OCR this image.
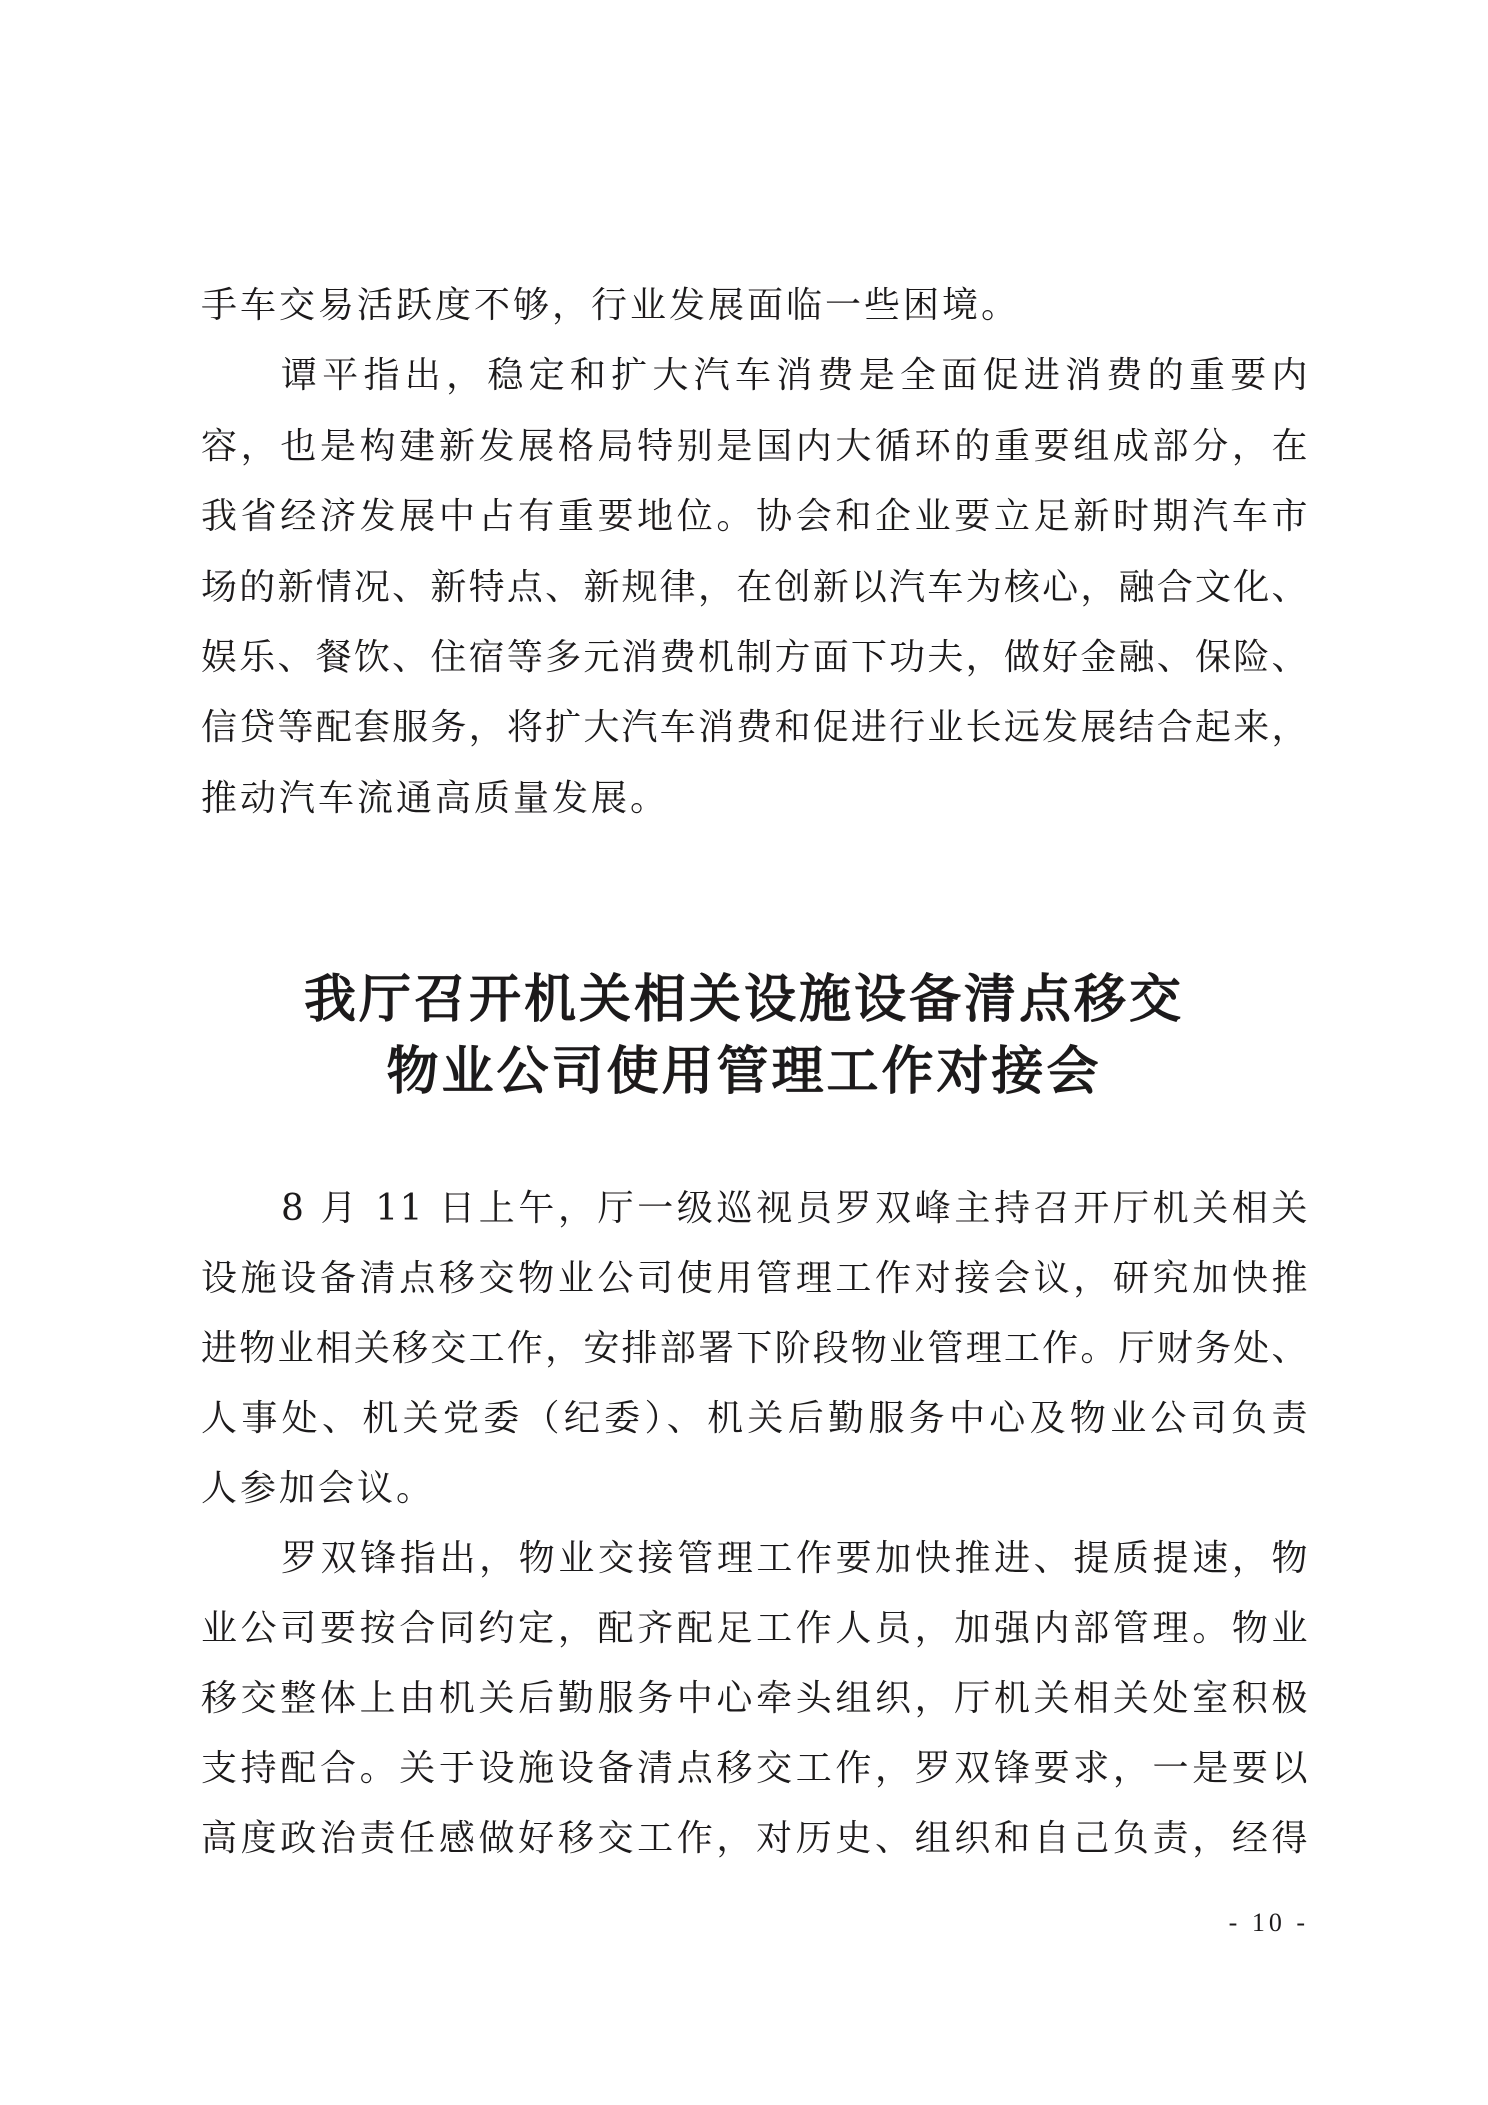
手车交易活跃度不够，行业发展面临一些困境。
谭平指出，稳定和扩大汽车消费是全面促进消费的重要内
容，也是构建新发展格局特别是国内大循环的重要组成部分，在
我省经济发展中占有重要地位。协会和企业要立足新时期汽车市
场的新情况、新特点、新规律，在创新以汽车为核心，融合文化、
娱乐、餐饮、住宿等多元消费机制方面下功夫，做好金融、保险、
信贷等配套服务，将扩大汽车消费和促进行业长远发展结合起来，
推动汽车流通高质量发展。
我厅召开机关相关设施设备清点移交
物业公司使用管理工作对接会
8 月 11 日上午，厅一级巡视员罗双峰主持召开厅机关相关
设施设备清点移交物业公司使用管理工作对接会议，研究加快推
进物业相关移交工作，安排部署下阶段物业管理工作。厅财务处、
人事处、机关党委（纪委）、机关后勤服务中心及物业公司负责
人参加会议。
罗双锋指出，物业交接管理工作要加快推进、提质提速，物
业公司要按合同约定，配齐配足工作人员，加强内部管理。物业
移交整体上由机关后勤服务中心牵头组织，厅机关相关处室积极
支持配合。关于设施设备清点移交工作，罗双锋要求，一是要以
高度政治责任感做好移交工作，对历史、组织和自己负责，经得
- 10 -
